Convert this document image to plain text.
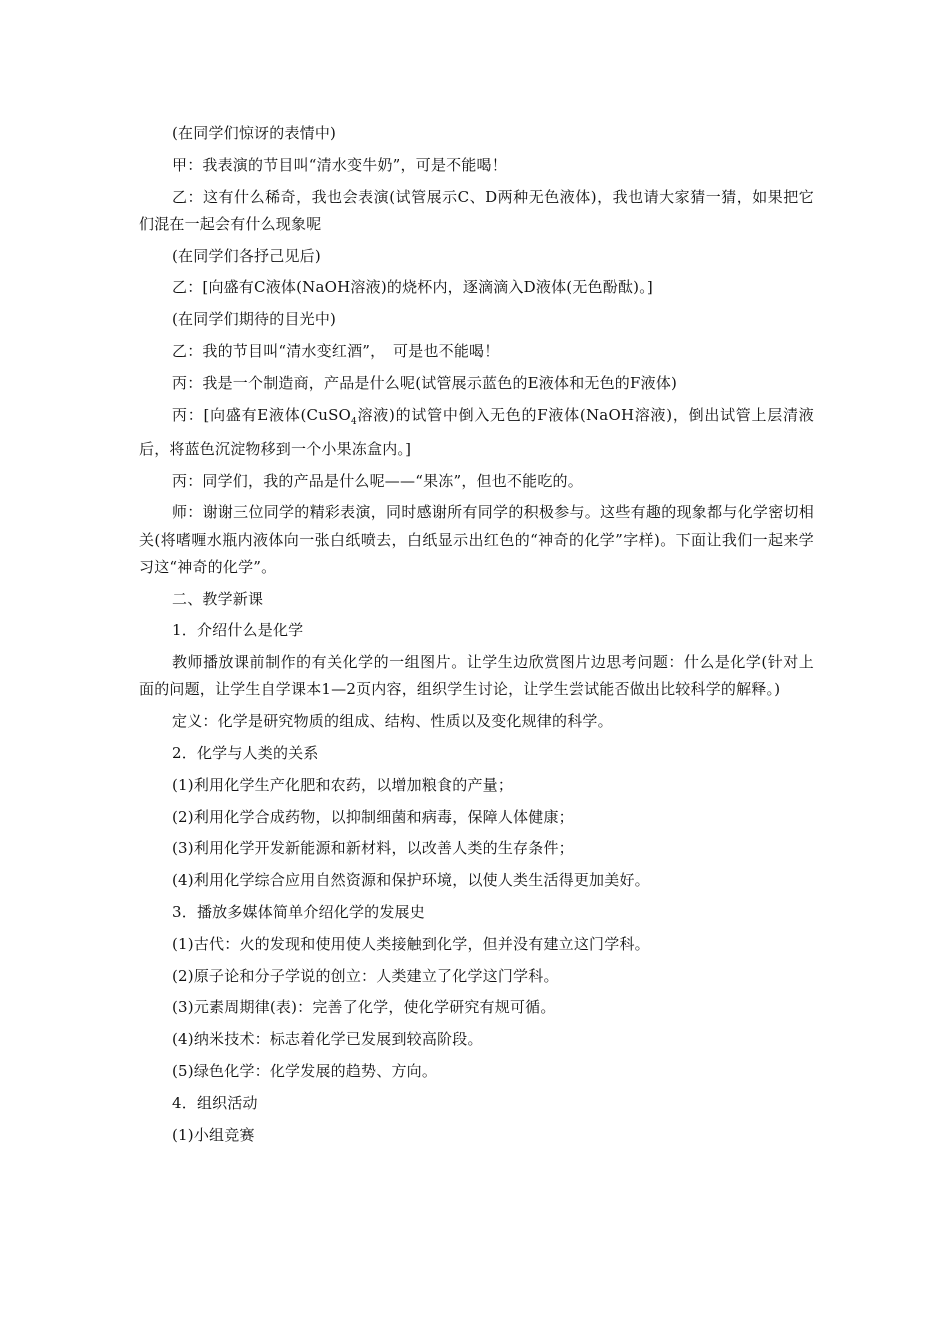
(在同学们惊讶的表情中)

甲：我表演的节目叫“清水变牛奶”，可是不能喝！

乙：这有什么稀奇，我也会表演(试管展示C、D两种无色液体)，我也请大家猜一猜，如果把它们混在一起会有什么现象呢

(在同学们各抒己见后)

乙：[向盛有C液体(NaOH溶液)的烧杯内，逐滴滴入D液体(无色酚酞)。]

(在同学们期待的目光中)

乙：我的节目叫“清水变红酒”，　可是也不能喝！

丙：我是一个制造商，产品是什么呢(试管展示蓝色的E液体和无色的F液体)

丙：[向盛有E液体(CuSO$_4$溶液)的试管中倒入无色的F液体(NaOH溶液)，倒出试管上层清液后，将蓝色沉淀物移到一个小果冻盒内。]

丙：同学们，我的产品是什么呢——“果冻”，但也不能吃的。

师：谢谢三位同学的精彩表演，同时感谢所有同学的积极参与。这些有趣的现象都与化学密切相关(将嗜喱水瓶内液体向一张白纸喷去，白纸显示出红色的“神奇的化学”字样)。下面让我们一起来学习这“神奇的化学”。

二、教学新课

1．介绍什么是化学

教师播放课前制作的有关化学的一组图片。让学生边欣赏图片边思考问题：什么是化学(针对上面的问题，让学生自学课本1—2页内容，组织学生讨论，让学生尝试能否做出比较科学的解释。)

定义：化学是研究物质的组成、结构、性质以及变化规律的科学。

2．化学与人类的关系

(1)利用化学生产化肥和农药，以增加粮食的产量；

(2)利用化学合成药物，以抑制细菌和病毒，保障人体健康；

(3)利用化学开发新能源和新材料，以改善人类的生存条件；

(4)利用化学综合应用自然资源和保护环境，以使人类生活得更加美好。

3．播放多媒体简单介绍化学的发展史

(1)古代：火的发现和使用使人类接触到化学，但并没有建立这门学科。

(2)原子论和分子学说的创立：人类建立了化学这门学科。

(3)元素周期律(表)：完善了化学，使化学研究有规可循。

(4)纳米技术：标志着化学已发展到较高阶段。

(5)绿色化学：化学发展的趋势、方向。

4．组织活动

(1)小组竞赛
